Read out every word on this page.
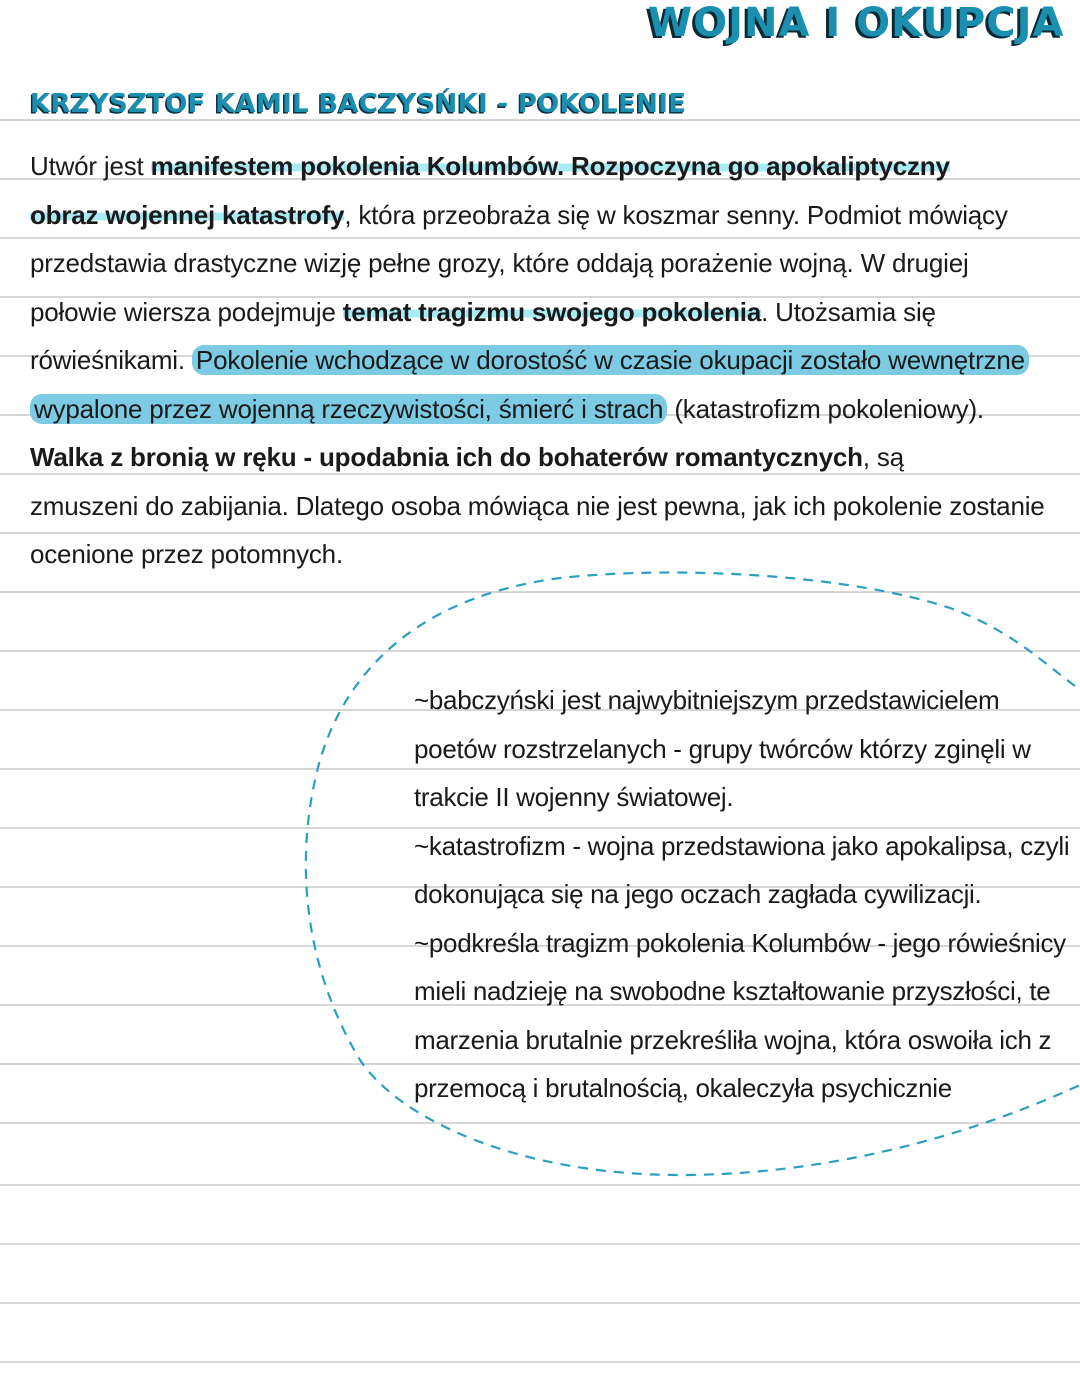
WOJNA I OKUPCJA
KRZYSZTOF KAMIL BACZYSŃKI - POKOLENIE
Utwór jest manifestem pokolenia Kolumbów. Rozpoczyna go apokaliptyczny
obraz wojennej katastrofy, która przeobraża się w koszmar senny. Podmiot mówiący
przedstawia drastyczne wizję pełne grozy, które oddają porażenie wojną. W drugiej
połowie wiersza podejmuje temat tragizmu swojego pokolenia. Utożsamia się
rówieśnikami. Pokolenie wchodzące w dorostość w czasie okupacji zostało wewnętrzne
wypalone przez wojenną rzeczywistości, śmierć i strach (katastrofizm pokoleniowy).
Walka z bronią w ręku - upodabnia ich do bohaterów romantycznych, są
zmuszeni do zabijania. Dlatego osoba mówiąca nie jest pewna, jak ich pokolenie zostanie
ocenione przez potomnych.
~babczyński jest najwybitniejszym przedstawicielem
poetów rozstrzelanych - grupy twórców którzy zginęli w
trakcie II wojenny światowej.
~katastrofizm - wojna przedstawiona jako apokalipsa, czyli
dokonująca się na jego oczach zagłada cywilizacji.
~podkreśla tragizm pokolenia Kolumbów - jego rówieśnicy
mieli nadzieję na swobodne kształtowanie przyszłości, te
marzenia brutalnie przekreśliła wojna, która oswoiła ich z
przemocą i brutalnością, okaleczyła psychicznie
